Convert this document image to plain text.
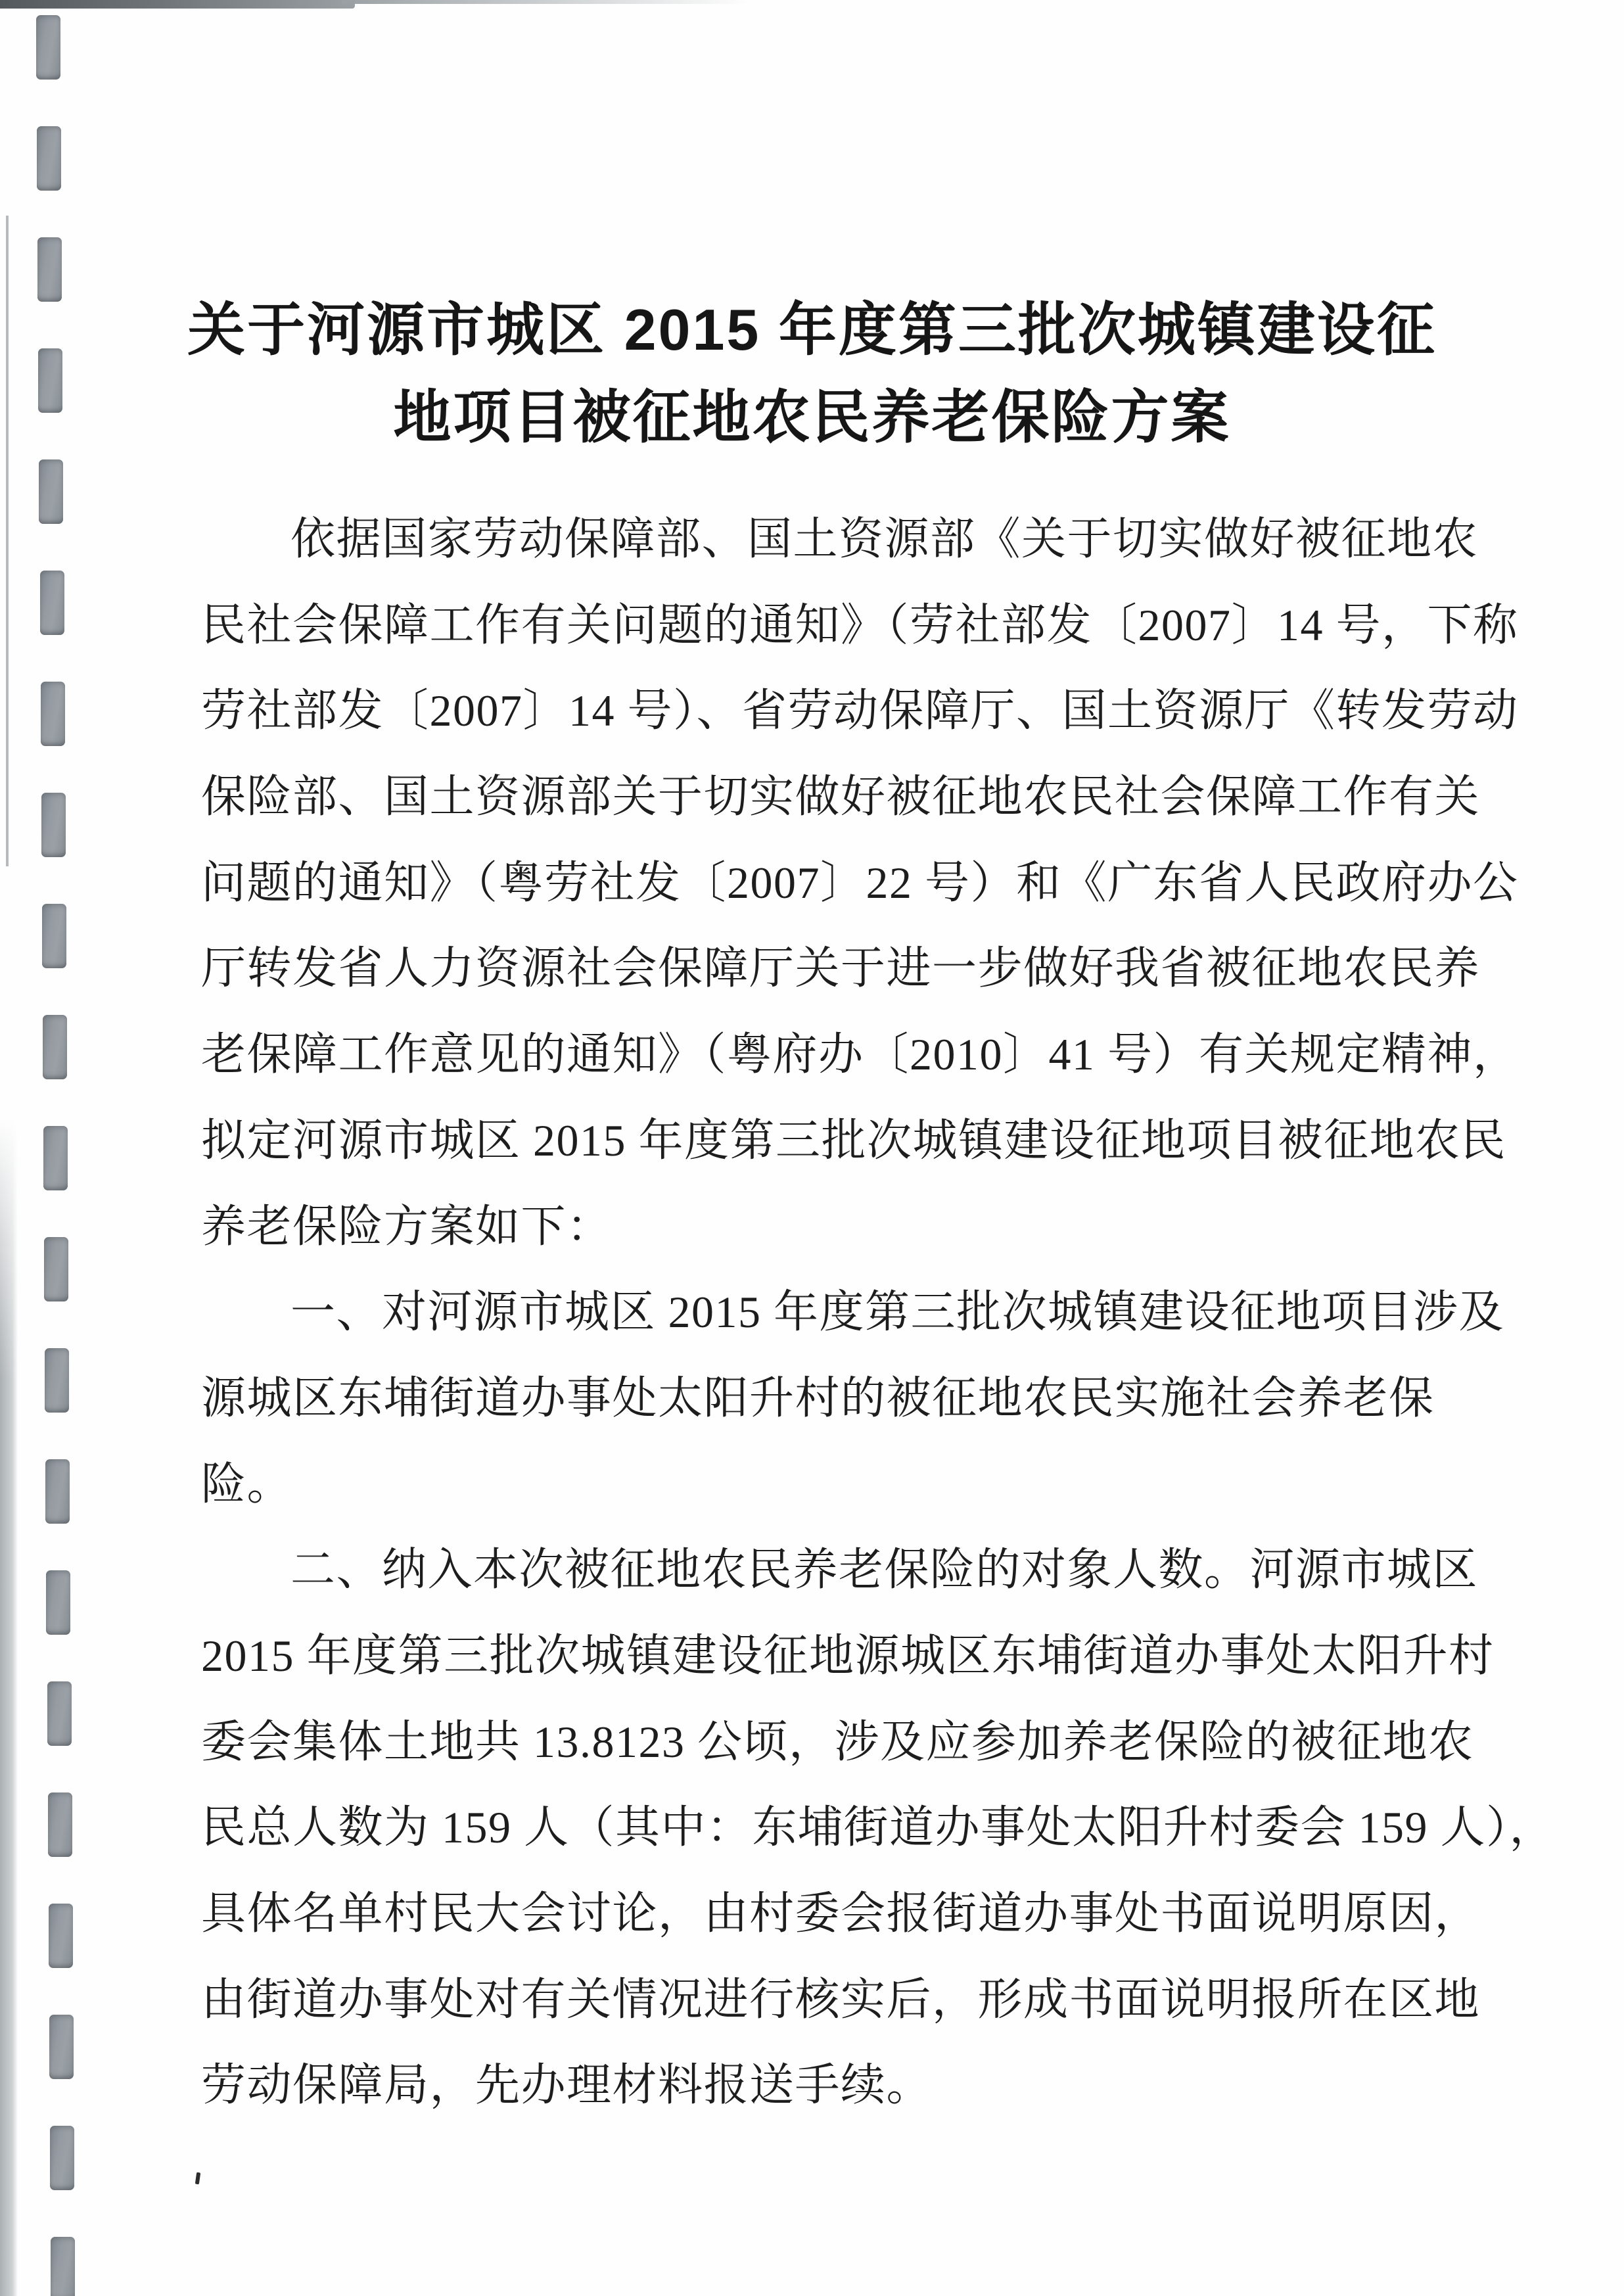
关于河源市城区 2015 年度第三批次城镇建设征
地项目被征地农民养老保险方案
依据国家劳动保障部、国土资源部《关于切实做好被征地农
民社会保障工作有关问题的通知》（劳社部发〔2007〕14 号，下称
劳社部发〔2007〕14 号）、省劳动保障厅、国土资源厅《转发劳动
保险部、国土资源部关于切实做好被征地农民社会保障工作有关
问题的通知》（粤劳社发〔2007〕22 号）和《广东省人民政府办公
厅转发省人力资源社会保障厅关于进一步做好我省被征地农民养
老保障工作意见的通知》（粤府办〔2010〕41 号）有关规定精神，
拟定河源市城区 2015 年度第三批次城镇建设征地项目被征地农民
养老保险方案如下：
一、对河源市城区 2015 年度第三批次城镇建设征地项目涉及
源城区东埔街道办事处太阳升村的被征地农民实施社会养老保
险。
二、纳入本次被征地农民养老保险的对象人数。河源市城区
2015 年度第三批次城镇建设征地源城区东埔街道办事处太阳升村
委会集体土地共 13.8123 公顷，涉及应参加养老保险的被征地农
民总人数为 159 人（其中：东埔街道办事处太阳升村委会 159 人），
具体名单村民大会讨论，由村委会报街道办事处书面说明原因，
由街道办事处对有关情况进行核实后，形成书面说明报所在区地
劳动保障局，先办理材料报送手续。
